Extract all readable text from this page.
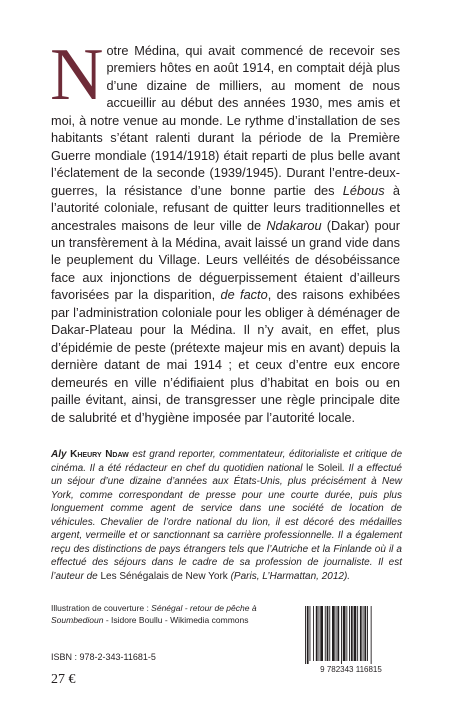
Notre Médina, qui avait commencé de recevoir ses premiers hôtes en août 1914, en comptait déjà plus d’une dizaine de milliers, au moment de nous accueillir au début des années 1930, mes amis et moi, à notre venue au monde. Le rythme d’installation de ses habitants s’étant ralenti durant la période de la Première Guerre mondiale (1914/1918) était reparti de plus belle avant l’éclatement de la seconde (1939/1945). Durant l’entre-deux-guerres, la résistance d’une bonne partie des Lébous à l’autorité coloniale, refusant de quitter leurs traditionnelles et ancestrales maisons de leur ville de Ndakarou (Dakar) pour un transfèrement à la Médina, avait laissé un grand vide dans le peuplement du Village. Leurs velléités de désobéissance face aux injonctions de déguerpissement étaient d’ailleurs favorisées par la disparition, de facto, des raisons exhibées par l’administration coloniale pour les obliger à déménager de Dakar-Plateau pour la Médina. Il n’y avait, en effet, plus d’épidémie de peste (prétexte majeur mis en avant) depuis la dernière datant de mai 1914 ; et ceux d’entre eux encore demeurés en ville n’édifiaient plus d’habitat en bois ou en paille évitant, ainsi, de transgresser une règle principale dite de salubrité et d’hygiène imposée par l’autorité locale.

Aly Kheury Ndaw est grand reporter, commentateur, éditorialiste et critique de cinéma. Il a été rédacteur en chef du quotidien national le Soleil. Il a effectué un séjour d’une dizaine d’années aux États-Unis, plus précisément à New York, comme correspondant de presse pour une courte durée, puis plus longuement comme agent de service dans une société de location de véhicules. Chevalier de l’ordre national du lion, il est décoré des médailles argent, vermeille et or sanctionnant sa carrière professionnelle. Il a également reçu des distinctions de pays étrangers tels que l’Autriche et la Finlande où il a effectué des séjours dans le cadre de sa profession de journaliste. Il est l’auteur de Les Sénégalais de New York (Paris, L’Harmattan, 2012).

Illustration de couverture : Sénégal - retour de pêche à Soumbedioun - Isidore Boullu - Wikimedia commons
ISBN : 978-2-343-11681-5
27 €
9 782343 116815
